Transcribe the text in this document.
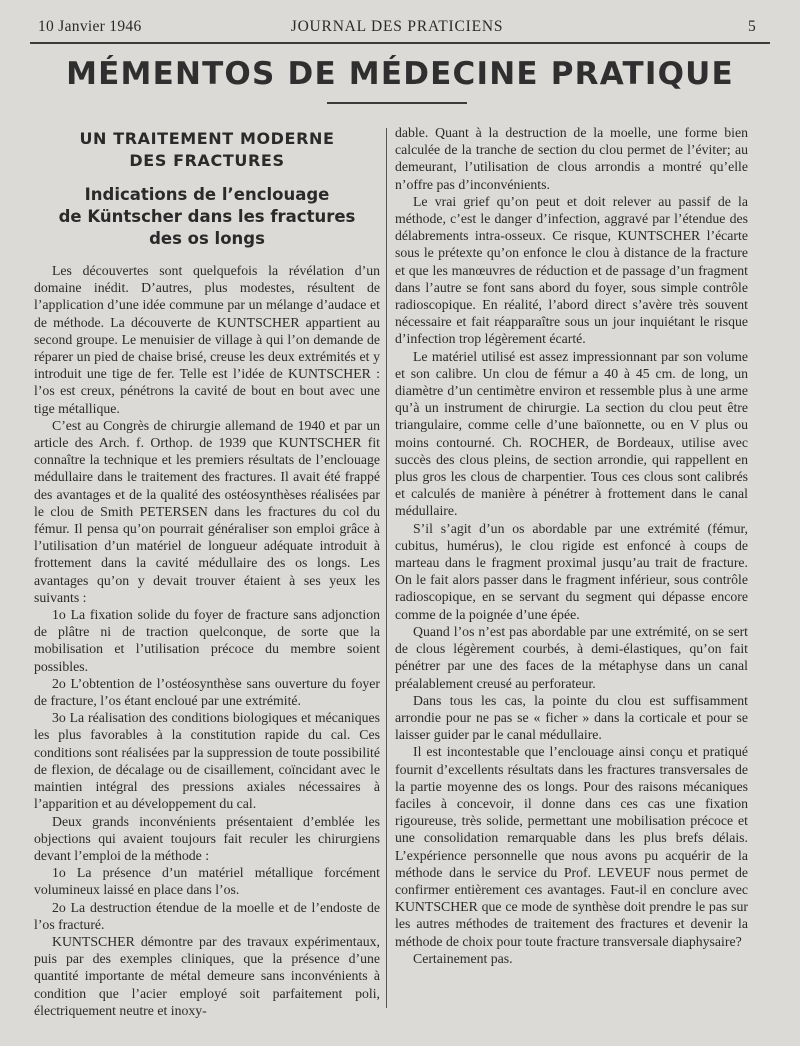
10 Janvier 1946	JOURNAL DES PRATICIENS	5
MÉMENTOS DE MÉDECINE PRATIQUE
UN TRAITEMENT MODERNE
DES FRACTURES
Indications de l’enclouage
de Küntscher dans les fractures
des os longs

Les découvertes sont quelquefois la révélation d’un domaine inédit. D’autres, plus modestes, résultent de l’application d’une idée commune par un mélange d’audace et de méthode. La découverte de KUNTSCHER appartient au second groupe. Le menuisier de village à qui l’on demande de réparer un pied de chaise brisé, creuse les deux extrémités et y introduit une tige de fer. Telle est l’idée de KUNTSCHER : l’os est creux, pénétrons la cavité de bout en bout avec une tige métallique.

C’est au Congrès de chirurgie allemand de 1940 et par un article des Arch. f. Orthop. de 1939 que KUNTSCHER fit connaître la technique et les premiers résultats de l’enclouage médullaire dans le traitement des fractures. Il avait été frappé des avantages et de la qualité des ostéosynthèses réalisées par le clou de Smith PETERSEN dans les fractures du col du fémur. Il pensa qu’on pourrait généraliser son emploi grâce à l’utilisation d’un matériel de longueur adéquate introduit à frottement dans la cavité médullaire des os longs. Les avantages qu’on y devait trouver étaient à ses yeux les suivants :

1o La fixation solide du foyer de fracture sans adjonction de plâtre ni de traction quelconque, de sorte que la mobilisation et l’utilisation précoce du membre soient possibles.

2o L’obtention de l’ostéosynthèse sans ouverture du foyer de fracture, l’os étant encloué par une extrémité.

3o La réalisation des conditions biologiques et mécaniques les plus favorables à la constitution rapide du cal. Ces conditions sont réalisées par la suppression de toute possibilité de flexion, de décalage ou de cisaillement, coïncidant avec le maintien intégral des pressions axiales nécessaires à l’apparition et au développement du cal.

Deux grands inconvénients présentaient d’emblée les objections qui avaient toujours fait reculer les chirurgiens devant l’emploi de la méthode :

1o La présence d’un matériel métallique forcément volumineux laissé en place dans l’os.

2o La destruction étendue de la moelle et de l’endoste de l’os fracturé.

KUNTSCHER démontre par des travaux expérimentaux, puis par des exemples cliniques, que la présence d’une quantité importante de métal demeure sans inconvénients à condition que l’acier employé soit parfaitement poli, électriquement neutre et inoxy-

dable. Quant à la destruction de la moelle, une forme bien calculée de la tranche de section du clou permet de l’éviter; au demeurant, l’utilisation de clous arrondis a montré qu’elle n’offre pas d’inconvénients.

Le vrai grief qu’on peut et doit relever au passif de la méthode, c’est le danger d’infection, aggravé par l’étendue des délabrements intra-osseux. Ce risque, KUNTSCHER l’écarte sous le prétexte qu’on enfonce le clou à distance de la fracture et que les manœuvres de réduction et de passage d’un fragment dans l’autre se font sans abord du foyer, sous simple contrôle radioscopique. En réalité, l’abord direct s’avère très souvent nécessaire et fait réapparaître sous un jour inquiétant le risque d’infection trop légèrement écarté.

Le matériel utilisé est assez impressionnant par son volume et son calibre. Un clou de fémur a 40 à 45 cm. de long, un diamètre d’un centimètre environ et ressemble plus à une arme qu’à un instrument de chirurgie. La section du clou peut être triangulaire, comme celle d’une baïonnette, ou en V plus ou moins contourné. Ch. ROCHER, de Bordeaux, utilise avec succès des clous pleins, de section arrondie, qui rappellent en plus gros les clous de charpentier. Tous ces clous sont calibrés et calculés de manière à pénétrer à frottement dans le canal médullaire.

S’il s’agit d’un os abordable par une extrémité (fémur, cubitus, humérus), le clou rigide est enfoncé à coups de marteau dans le fragment proximal jusqu’au trait de fracture. On le fait alors passer dans le fragment inférieur, sous contrôle radioscopique, en se servant du segment qui dépasse encore comme de la poignée d’une épée.

Quand l’os n’est pas abordable par une extrémité, on se sert de clous légèrement courbés, à demi-élastiques, qu’on fait pénétrer par une des faces de la métaphyse dans un canal préalablement creusé au perforateur.

Dans tous les cas, la pointe du clou est suffisamment arrondie pour ne pas se « ficher » dans la corticale et pour se laisser guider par le canal médullaire.

Il est incontestable que l’enclouage ainsi conçu et pratiqué fournit d’excellents résultats dans les fractures transversales de la partie moyenne des os longs. Pour des raisons mécaniques faciles à concevoir, il donne dans ces cas une fixation rigoureuse, très solide, permettant une mobilisation précoce et une consolidation remarquable dans les plus brefs délais. L’expérience personnelle que nous avons pu acquérir de la méthode dans le service du Prof. LEVEUF nous permet de confirmer entièrement ces avantages. Faut-il en conclure avec KUNTSCHER que ce mode de synthèse doit prendre le pas sur les autres méthodes de traitement des fractures et devenir la méthode de choix pour toute fracture transversale diaphysaire?

Certainement pas.
